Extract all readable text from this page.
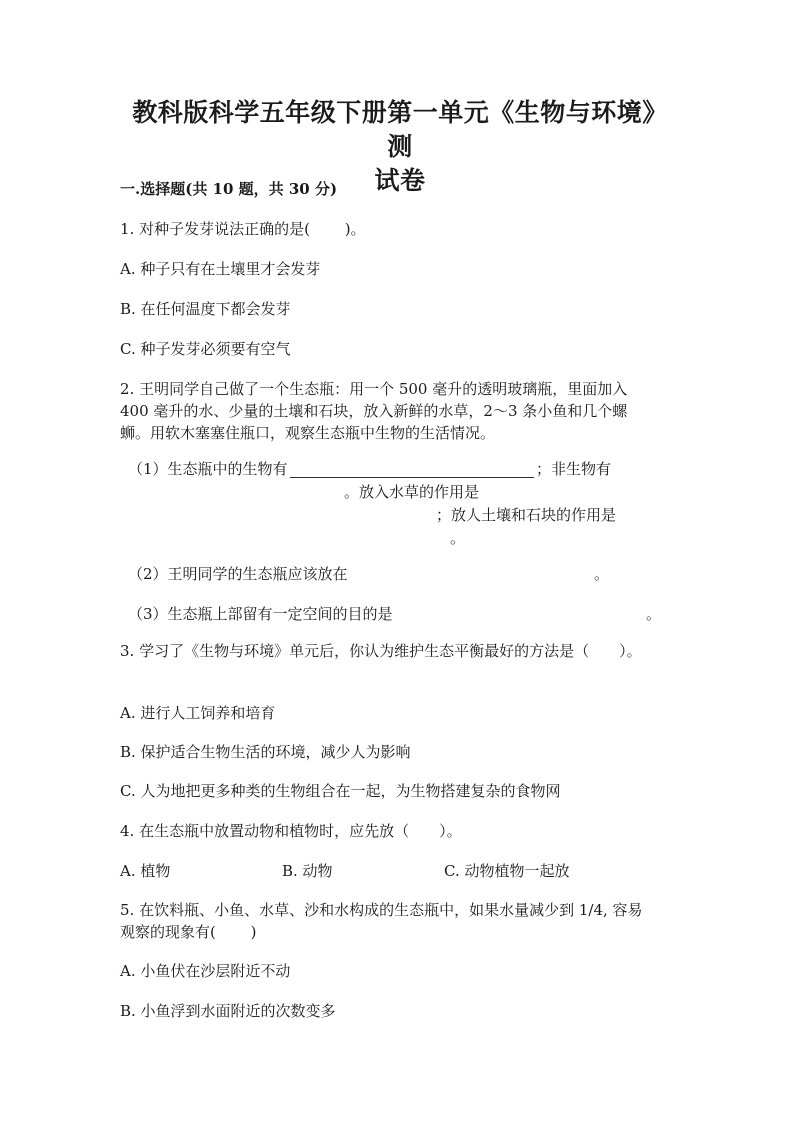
教科版科学五年级下册第一单元《生物与环境》测
试卷
一.选择题(共 10 题，共 30 分)
1. 对种子发芽说法正确的是(　　 )。
A. 种子只有在土壤里才会发芽
B. 在任何温度下都会发芽
C. 种子发芽必须要有空气
2. 王明同学自己做了一个生态瓶：用一个 500 毫升的透明玻璃瓶，里面加入
400 毫升的水、少量的土壤和石块，放入新鲜的水草，2～3 条小鱼和几个螺
蛳。用软木塞塞住瓶口，观察生态瓶中生物的生活情况。
（1）生态瓶中的生物有	；非生物有
。放入水草的作用是
；放人土壤和石块的作用是
。
（2）王明同学的生态瓶应该放在	。
（3）生态瓶上部留有一定空间的目的是	。
3. 学习了《生物与环境》单元后，你认为维护生态平衡最好的方法是（　　）。
A. 进行人工饲养和培育
B. 保护适合生物生活的环境，减少人为影响
C. 人为地把更多种类的生物组合在一起，为生物搭建复杂的食物网
4. 在生态瓶中放置动物和植物时，应先放（　　）。
A. 植物	B. 动物	C. 动物植物一起放
5. 在饮料瓶、小鱼、水草、沙和水构成的生态瓶中，如果水量减少到 1/4, 容易
观察的现象有(　　 )
A. 小鱼伏在沙层附近不动
B. 小鱼浮到水面附近的次数变多
